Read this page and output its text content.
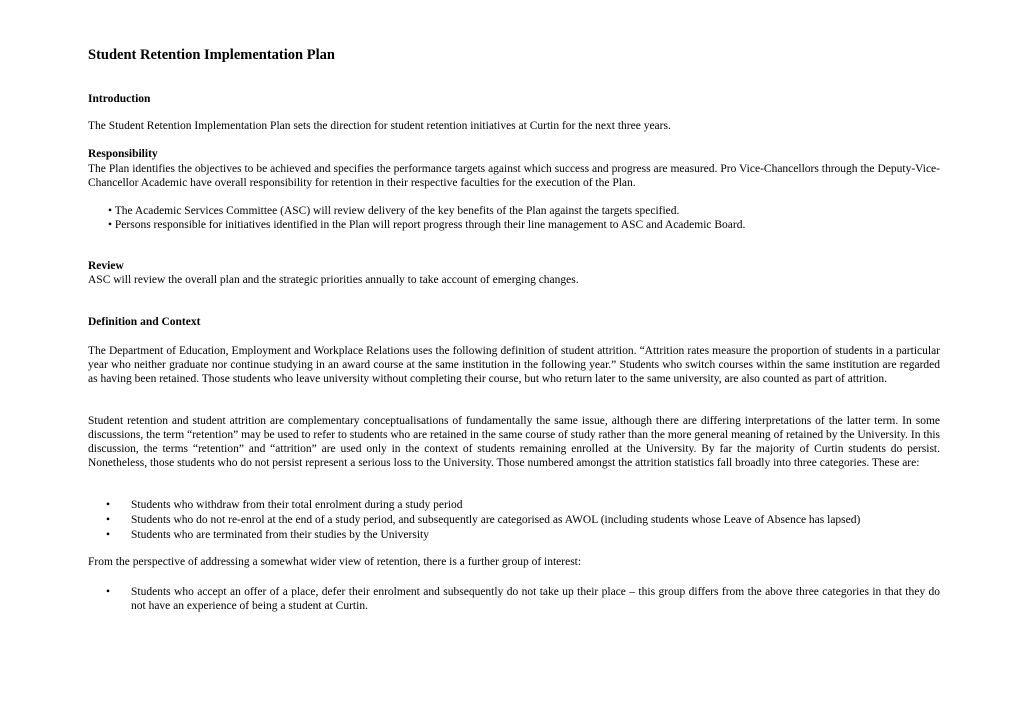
Student Retention Implementation Plan
Introduction
The Student Retention Implementation Plan sets the direction for student retention initiatives at Curtin for the next three years.
Responsibility
The Plan identifies the objectives to be achieved and specifies the performance targets against which success and progress are measured. Pro Vice-Chancellors through the Deputy-Vice-Chancellor Academic have overall responsibility for retention in their respective faculties for the execution of the Plan.
• The Academic Services Committee (ASC) will review delivery of the key benefits of the Plan against the targets specified.
• Persons responsible for initiatives identified in the Plan will report progress through their line management to ASC and Academic Board.
Review
ASC will review the overall plan and the strategic priorities annually to take account of emerging changes.
Definition and Context
The Department of Education, Employment and Workplace Relations uses the following definition of student attrition. “Attrition rates measure the proportion of students in a particular year who neither graduate nor continue studying in an award course at the same institution in the following year.” Students who switch courses within the same institution are regarded as having been retained. Those students who leave university without completing their course, but who return later to the same university, are also counted as part of attrition.
Student retention and student attrition are complementary conceptualisations of fundamentally the same issue, although there are differing interpretations of the latter term. In some discussions, the term “retention” may be used to refer to students who are retained in the same course of study rather than the more general meaning of retained by the University. In this discussion, the terms “retention” and “attrition” are used only in the context of students remaining enrolled at the University. By far the majority of Curtin students do persist. Nonetheless, those students who do not persist represent a serious loss to the University. Those numbered amongst the attrition statistics fall broadly into three categories. These are:
• Students who withdraw from their total enrolment during a study period
• Students who do not re-enrol at the end of a study period, and subsequently are categorised as AWOL (including students whose Leave of Absence has lapsed)
• Students who are terminated from their studies by the University
From the perspective of addressing a somewhat wider view of retention, there is a further group of interest:
• Students who accept an offer of a place, defer their enrolment and subsequently do not take up their place – this group differs from the above three categories in that they do not have an experience of being a student at Curtin.
